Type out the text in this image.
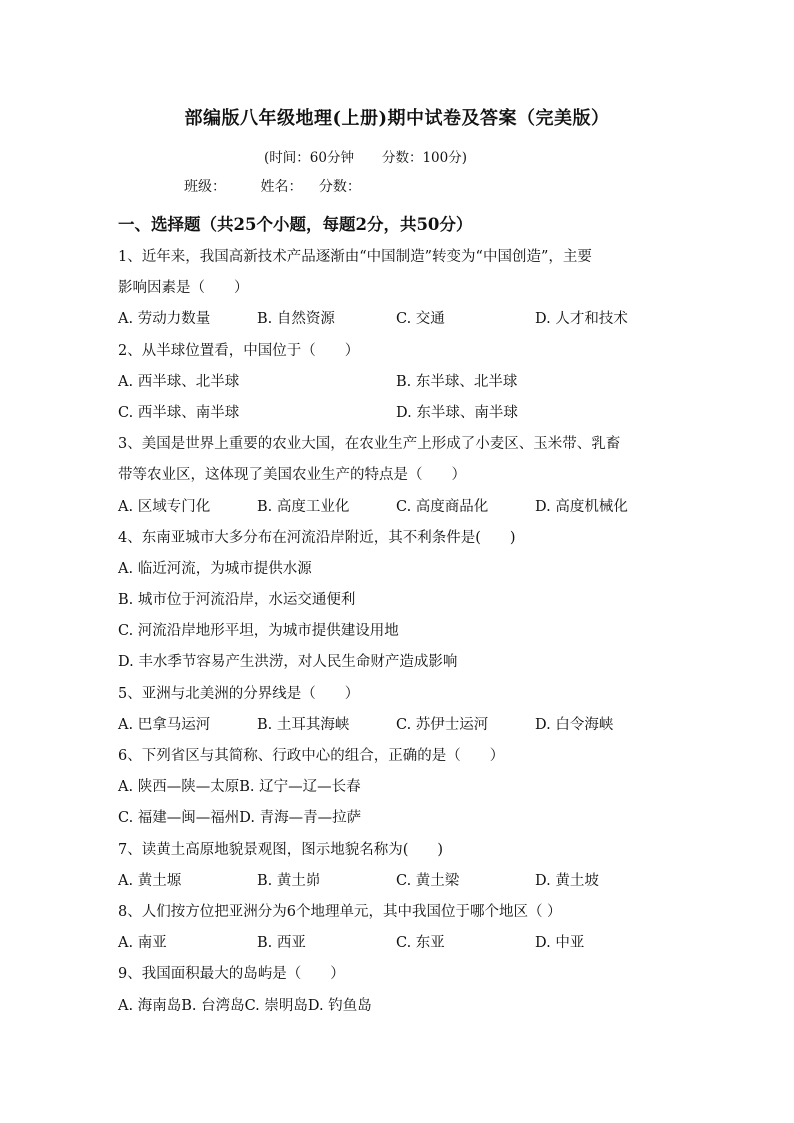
部编版八年级地理(上册)期中试卷及答案（完美版）
(时间：60分钟 分数：100分)
班级： 姓名： 分数：
一、选择题（共25个小题，每题2分，共50分）
1、近年来，我国高新技术产品逐渐由“中国制造”转变为“中国创造”，主要
影响因素是（　　）
A. 劳动力数量	B. 自然资源	C. 交通	D. 人才和技术
2、从半球位置看，中国位于（　　）
A. 西半球、北半球	B. 东半球、北半球
C. 西半球、南半球	D. 东半球、南半球
3、美国是世界上重要的农业大国，在农业生产上形成了小麦区、玉米带、乳畜
带等农业区，这体现了美国农业生产的特点是（　　）
A. 区域专门化	B. 高度工业化	C. 高度商品化	D. 高度机械化
4、东南亚城市大多分布在河流沿岸附近，其不利条件是(　　)
A. 临近河流，为城市提供水源
B. 城市位于河流沿岸，水运交通便利
C. 河流沿岸地形平坦，为城市提供建设用地
D. 丰水季节容易产生洪涝，对人民生命财产造成影响
5、亚洲与北美洲的分界线是（　　）
A. 巴拿马运河	B. 土耳其海峡	C. 苏伊士运河	D. 白令海峡
6、下列省区与其简称、行政中心的组合，正确的是（　　）
A. 陕西—陕—太原B. 辽宁—辽—长春
C. 福建—闽—福州D. 青海—青—拉萨
7、读黄土高原地貌景观图，图示地貌名称为(　　)
A. 黄土塬	B. 黄土峁	C. 黄土梁	D. 黄土坡
8、人们按方位把亚洲分为6个地理单元，其中我国位于哪个地区（ ）
A. 南亚	B. 西亚	C. 东亚	D. 中亚
9、我国面积最大的岛屿是（　　）
A. 海南岛B. 台湾岛C. 崇明岛D. 钓鱼岛
